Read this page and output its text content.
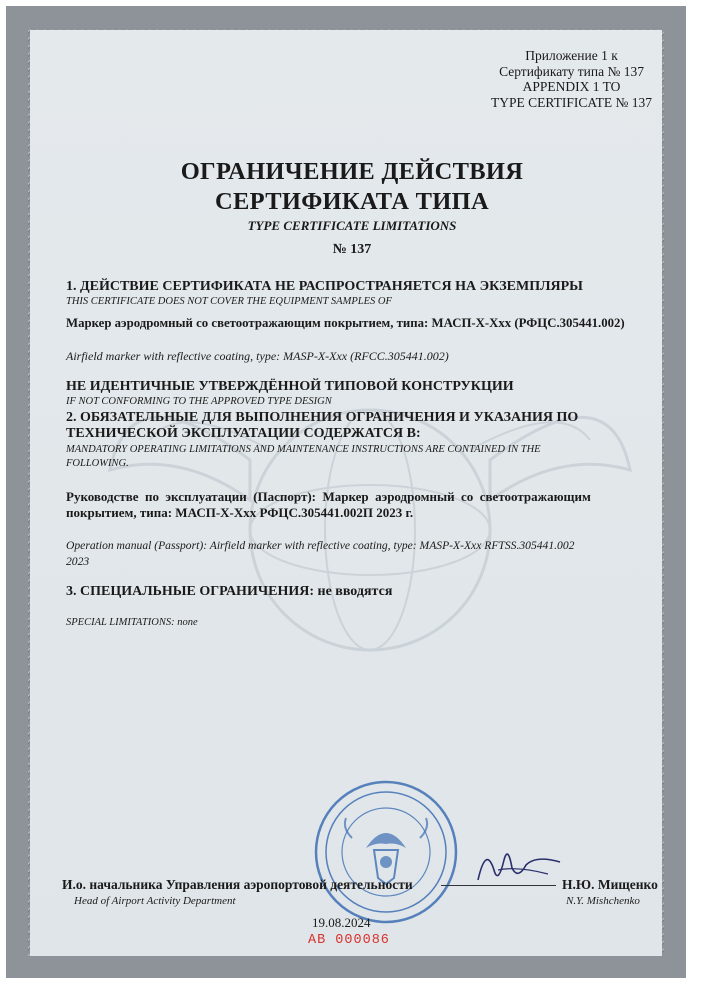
Приложение 1 к
Сертификату типа № 137
APPENDIX 1 TO
TYPE CERTIFICATE № 137
ОГРАНИЧЕНИЕ ДЕЙСТВИЯ
СЕРТИФИКАТА ТИПА
TYPE CERTIFICATE LIMITATIONS
№ 137
1. ДЕЙСТВИЕ СЕРТИФИКАТА НЕ РАСПРОСТРАНЯЕТСЯ НА ЭКЗЕМПЛЯРЫ
THIS CERTIFICATE DOES NOT COVER THE EQUIPMENT SAMPLES OF
Маркер аэродромный со светоотражающим покрытием, типа: МАСП-Х-Ххх (РФЦС.305441.002)
Airfield marker with reflective coating, type: MASP-X-Xxx (RFCC.305441.002)
НЕ ИДЕНТИЧНЫЕ УТВЕРЖДЁННОЙ ТИПОВОЙ КОНСТРУКЦИИ
IF NOT CONFORMING TO THE APPROVED TYPE DESIGN
2. ОБЯЗАТЕЛЬНЫЕ ДЛЯ ВЫПОЛНЕНИЯ ОГРАНИЧЕНИЯ И УКАЗАНИЯ ПО
ТЕХНИЧЕСКОЙ ЭКСПЛУАТАЦИИ СОДЕРЖАТСЯ В:
MANDATORY OPERATING LIMITATIONS AND MAINTENANCE INSTRUCTIONS ARE CONTAINED IN THE
FOLLOWING.
Руководстве по эксплуатации (Паспорт): Маркер аэродромный со светоотражающим
покрытием, типа: МАСП-Х-Ххх РФЦС.305441.002П 2023 г.
Operation manual (Passport): Airfield marker with reflective coating, type: MASP-X-Xxx RFTSS.305441.002
2023
3. СПЕЦИАЛЬНЫЕ ОГРАНИЧЕНИЯ: не вводятся
SPECIAL LIMITATIONS: none
И.о. начальника Управления аэропортовой деятельности
Head of Airport Activity Department
Н.Ю. Мищенко
N.Y. Mishchenko
19.08.2024
АВ 000086
